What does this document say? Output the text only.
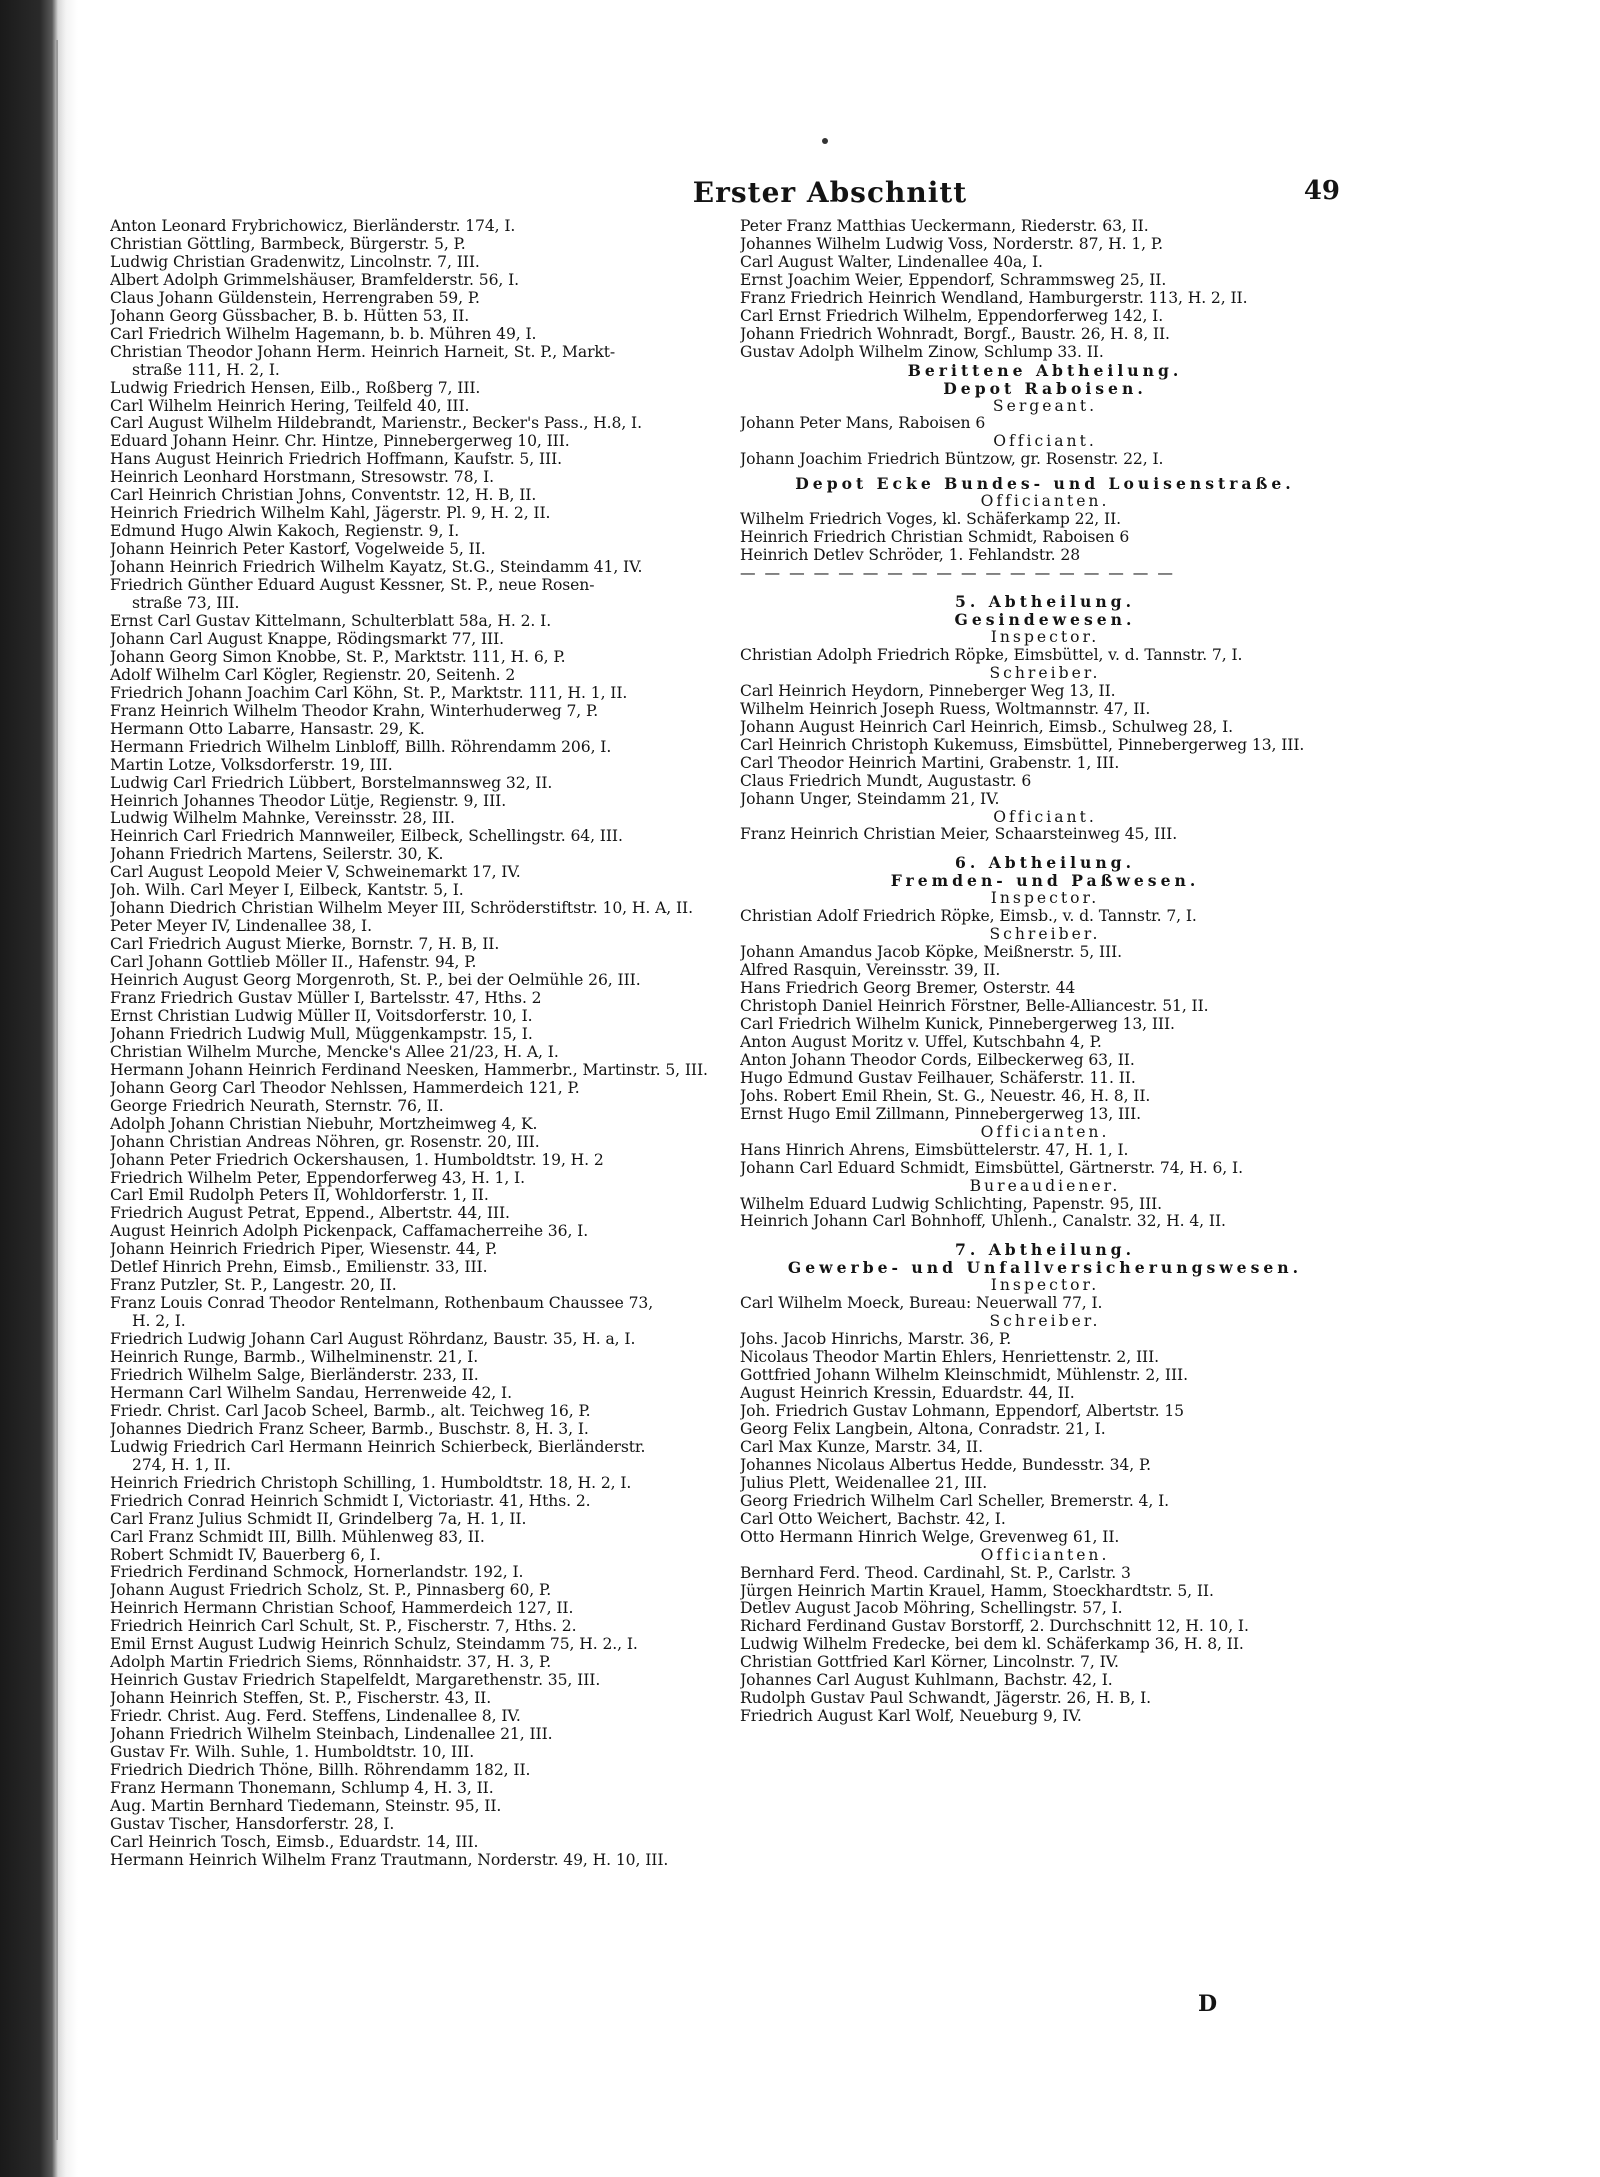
Erster Abschnitt	49
Anton Leonard Frybrichowicz, Bierländerstr. 174, I.
Christian Göttling, Barmbeck, Bürgerstr. 5, P.
Ludwig Christian Gradenwitz, Lincolnstr. 7, III.
Albert Adolph Grimmelshäuser, Bramfelderstr. 56, I.
Claus Johann Güldenstein, Herrengraben 59, P.
Johann Georg Güssbacher, B. b. Hütten 53, II.
Carl Friedrich Wilhelm Hagemann, b. b. Mühren 49, I.
Christian Theodor Johann Herm. Heinrich Harneit, St. P., Markt-
straße 111, H. 2, I.
Ludwig Friedrich Hensen, Eilb., Roßberg 7, III.
Carl Wilhelm Heinrich Hering, Teilfeld 40, III.
Carl August Wilhelm Hildebrandt, Marienstr., Becker's Pass., H.8, I.
Eduard Johann Heinr. Chr. Hintze, Pinnebergerweg 10, III.
Hans August Heinrich Friedrich Hoffmann, Kaufstr. 5, III.
Heinrich Leonhard Horstmann, Stresowstr. 78, I.
Carl Heinrich Christian Johns, Conventstr. 12, H. B, II.
Heinrich Friedrich Wilhelm Kahl, Jägerstr. Pl. 9, H. 2, II.
Edmund Hugo Alwin Kakoch, Regienstr. 9, I.
Johann Heinrich Peter Kastorf, Vogelweide 5, II.
Johann Heinrich Friedrich Wilhelm Kayatz, St.G., Steindamm 41, IV.
Friedrich Günther Eduard August Kessner, St. P., neue Rosen-
straße 73, III.
Ernst Carl Gustav Kittelmann, Schulterblatt 58a, H. 2. I.
Johann Carl August Knappe, Rödingsmarkt 77, III.
Johann Georg Simon Knobbe, St. P., Marktstr. 111, H. 6, P.
Adolf Wilhelm Carl Kögler, Regienstr. 20, Seitenh. 2
Friedrich Johann Joachim Carl Köhn, St. P., Marktstr. 111, H. 1, II.
Franz Heinrich Wilhelm Theodor Krahn, Winterhuderweg 7, P.
Hermann Otto Labarre, Hansastr. 29, K.
Hermann Friedrich Wilhelm Linbloff, Billh. Röhrendamm 206, I.
Martin Lotze, Volksdorferstr. 19, III.
Ludwig Carl Friedrich Lübbert, Borstelmannsweg 32, II.
Heinrich Johannes Theodor Lütje, Regienstr. 9, III.
Ludwig Wilhelm Mahnke, Vereinsstr. 28, III.
Heinrich Carl Friedrich Mannweiler, Eilbeck, Schellingstr. 64, III.
Johann Friedrich Martens, Seilerstr. 30, K.
Carl August Leopold Meier V, Schweinemarkt 17, IV.
Joh. Wilh. Carl Meyer I, Eilbeck, Kantstr. 5, I.
Johann Diedrich Christian Wilhelm Meyer III, Schröderstiftstr. 10, H. A, II.
Peter Meyer IV, Lindenallee 38, I.
Carl Friedrich August Mierke, Bornstr. 7, H. B, II.
Carl Johann Gottlieb Möller II., Hafenstr. 94, P.
Heinrich August Georg Morgenroth, St. P., bei der Oelmühle 26, III.
Franz Friedrich Gustav Müller I, Bartelsstr. 47, Hths. 2
Ernst Christian Ludwig Müller II, Voitsdorferstr. 10, I.
Johann Friedrich Ludwig Mull, Müggenkampstr. 15, I.
Christian Wilhelm Murche, Mencke's Allee 21/23, H. A, I.
Hermann Johann Heinrich Ferdinand Neesken, Hammerbr., Martinstr. 5, III.
Johann Georg Carl Theodor Nehlssen, Hammerdeich 121, P.
George Friedrich Neurath, Sternstr. 76, II.
Adolph Johann Christian Niebuhr, Mortzheimweg 4, K.
Johann Christian Andreas Nöhren, gr. Rosenstr. 20, III.
Johann Peter Friedrich Ockershausen, 1. Humboldtstr. 19, H. 2
Friedrich Wilhelm Peter, Eppendorferweg 43, H. 1, I.
Carl Emil Rudolph Peters II, Wohldorferstr. 1, II.
Friedrich August Petrat, Eppend., Albertstr. 44, III.
August Heinrich Adolph Pickenpack, Caffamacherreihe 36, I.
Johann Heinrich Friedrich Piper, Wiesenstr. 44, P.
Detlef Hinrich Prehn, Eimsb., Emilienstr. 33, III.
Franz Putzler, St. P., Langestr. 20, II.
Franz Louis Conrad Theodor Rentelmann, Rothenbaum Chaussee 73,
H. 2, I.
Friedrich Ludwig Johann Carl August Röhrdanz, Baustr. 35, H. a, I.
Heinrich Runge, Barmb., Wilhelminenstr. 21, I.
Friedrich Wilhelm Salge, Bierländerstr. 233, II.
Hermann Carl Wilhelm Sandau, Herrenweide 42, I.
Friedr. Christ. Carl Jacob Scheel, Barmb., alt. Teichweg 16, P.
Johannes Diedrich Franz Scheer, Barmb., Buschstr. 8, H. 3, I.
Ludwig Friedrich Carl Hermann Heinrich Schierbeck, Bierländerstr.
274, H. 1, II.
Heinrich Friedrich Christoph Schilling, 1. Humboldtstr. 18, H. 2, I.
Friedrich Conrad Heinrich Schmidt I, Victoriastr. 41, Hths. 2.
Carl Franz Julius Schmidt II, Grindelberg 7a, H. 1, II.
Carl Franz Schmidt III, Billh. Mühlenweg 83, II.
Robert Schmidt IV, Bauerberg 6, I.
Friedrich Ferdinand Schmock, Hornerlandstr. 192, I.
Johann August Friedrich Scholz, St. P., Pinnasberg 60, P.
Heinrich Hermann Christian Schoof, Hammerdeich 127, II.
Friedrich Heinrich Carl Schult, St. P., Fischerstr. 7, Hths. 2.
Emil Ernst August Ludwig Heinrich Schulz, Steindamm 75, H. 2., I.
Adolph Martin Friedrich Siems, Rönnhaidstr. 37, H. 3, P.
Heinrich Gustav Friedrich Stapelfeldt, Margarethenstr. 35, III.
Johann Heinrich Steffen, St. P., Fischerstr. 43, II.
Friedr. Christ. Aug. Ferd. Steffens, Lindenallee 8, IV.
Johann Friedrich Wilhelm Steinbach, Lindenallee 21, III.
Gustav Fr. Wilh. Suhle, 1. Humboldtstr. 10, III.
Friedrich Diedrich Thöne, Billh. Röhrendamm 182, II.
Franz Hermann Thonemann, Schlump 4, H. 3, II.
Aug. Martin Bernhard Tiedemann, Steinstr. 95, II.
Gustav Tischer, Hansdorferstr. 28, I.
Carl Heinrich Tosch, Eimsb., Eduardstr. 14, III.
Hermann Heinrich Wilhelm Franz Trautmann, Norderstr. 49, H. 10, III.
Peter Franz Matthias Ueckermann, Riederstr. 63, II.
Johannes Wilhelm Ludwig Voss, Norderstr. 87, H. 1, P.
Carl August Walter, Lindenallee 40a, I.
Ernst Joachim Weier, Eppendorf, Schrammsweg 25, II.
Franz Friedrich Heinrich Wendland, Hamburgerstr. 113, H. 2, II.
Carl Ernst Friedrich Wilhelm, Eppendorferweg 142, I.
Johann Friedrich Wohnradt, Borgf., Baustr. 26, H. 8, II.
Gustav Adolph Wilhelm Zinow, Schlump 33. II.
Berittene Abtheilung.
Depot Raboisen.
Sergeant.
Johann Peter Mans, Raboisen 6
Officiant.
Johann Joachim Friedrich Büntzow, gr. Rosenstr. 22, I.
Depot Ecke Bundes- und Louisenstraße.
Officianten.
Wilhelm Friedrich Voges, kl. Schäferkamp 22, II.
Heinrich Friedrich Christian Schmidt, Raboisen 6
Heinrich Detlev Schröder, 1. Fehlandstr. 28
— — — — — — — — — — — — — — — — — —
5. Abtheilung.
Gesindewesen.
Inspector.
Christian Adolph Friedrich Röpke, Eimsbüttel, v. d. Tannstr. 7, I.
Schreiber.
Carl Heinrich Heydorn, Pinneberger Weg 13, II.
Wilhelm Heinrich Joseph Ruess, Woltmannstr. 47, II.
Johann August Heinrich Carl Heinrich, Eimsb., Schulweg 28, I.
Carl Heinrich Christoph Kukemuss, Eimsbüttel, Pinnebergerweg 13, III.
Carl Theodor Heinrich Martini, Grabenstr. 1, III.
Claus Friedrich Mundt, Augustastr. 6
Johann Unger, Steindamm 21, IV.
Officiant.
Franz Heinrich Christian Meier, Schaarsteinweg 45, III.
6. Abtheilung.
Fremden- und Paßwesen.
Inspector.
Christian Adolf Friedrich Röpke, Eimsb., v. d. Tannstr. 7, I.
Schreiber.
Johann Amandus Jacob Köpke, Meißnerstr. 5, III.
Alfred Rasquin, Vereinsstr. 39, II.
Hans Friedrich Georg Bremer, Osterstr. 44
Christoph Daniel Heinrich Förstner, Belle-Alliancestr. 51, II.
Carl Friedrich Wilhelm Kunick, Pinnebergerweg 13, III.
Anton August Moritz v. Uffel, Kutschbahn 4, P.
Anton Johann Theodor Cords, Eilbeckerweg 63, II.
Hugo Edmund Gustav Feilhauer, Schäferstr. 11. II.
Johs. Robert Emil Rhein, St. G., Neuestr. 46, H. 8, II.
Ernst Hugo Emil Zillmann, Pinnebergerweg 13, III.
Officianten.
Hans Hinrich Ahrens, Eimsbüttelerstr. 47, H. 1, I.
Johann Carl Eduard Schmidt, Eimsbüttel, Gärtnerstr. 74, H. 6, I.
Bureaudiener.
Wilhelm Eduard Ludwig Schlichting, Papenstr. 95, III.
Heinrich Johann Carl Bohnhoff, Uhlenh., Canalstr. 32, H. 4, II.
7. Abtheilung.
Gewerbe- und Unfallversicherungswesen.
Inspector.
Carl Wilhelm Moeck, Bureau: Neuerwall 77, I.
Schreiber.
Johs. Jacob Hinrichs, Marstr. 36, P.
Nicolaus Theodor Martin Ehlers, Henriettenstr. 2, III.
Gottfried Johann Wilhelm Kleinschmidt, Mühlenstr. 2, III.
August Heinrich Kressin, Eduardstr. 44, II.
Joh. Friedrich Gustav Lohmann, Eppendorf, Albertstr. 15
Georg Felix Langbein, Altona, Conradstr. 21, I.
Carl Max Kunze, Marstr. 34, II.
Johannes Nicolaus Albertus Hedde, Bundesstr. 34, P.
Julius Plett, Weidenallee 21, III.
Georg Friedrich Wilhelm Carl Scheller, Bremerstr. 4, I.
Carl Otto Weichert, Bachstr. 42, I.
Otto Hermann Hinrich Welge, Grevenweg 61, II.
Officianten.
Bernhard Ferd. Theod. Cardinahl, St. P., Carlstr. 3
Jürgen Heinrich Martin Krauel, Hamm, Stoeckhardtstr. 5, II.
Detlev August Jacob Möhring, Schellingstr. 57, I.
Richard Ferdinand Gustav Borstorff, 2. Durchschnitt 12, H. 10, I.
Ludwig Wilhelm Fredecke, bei dem kl. Schäferkamp 36, H. 8, II.
Christian Gottfried Karl Körner, Lincolnstr. 7, IV.
Johannes Carl August Kuhlmann, Bachstr. 42, I.
Rudolph Gustav Paul Schwandt, Jägerstr. 26, H. B, I.
Friedrich August Karl Wolf, Neueburg 9, IV.
D
